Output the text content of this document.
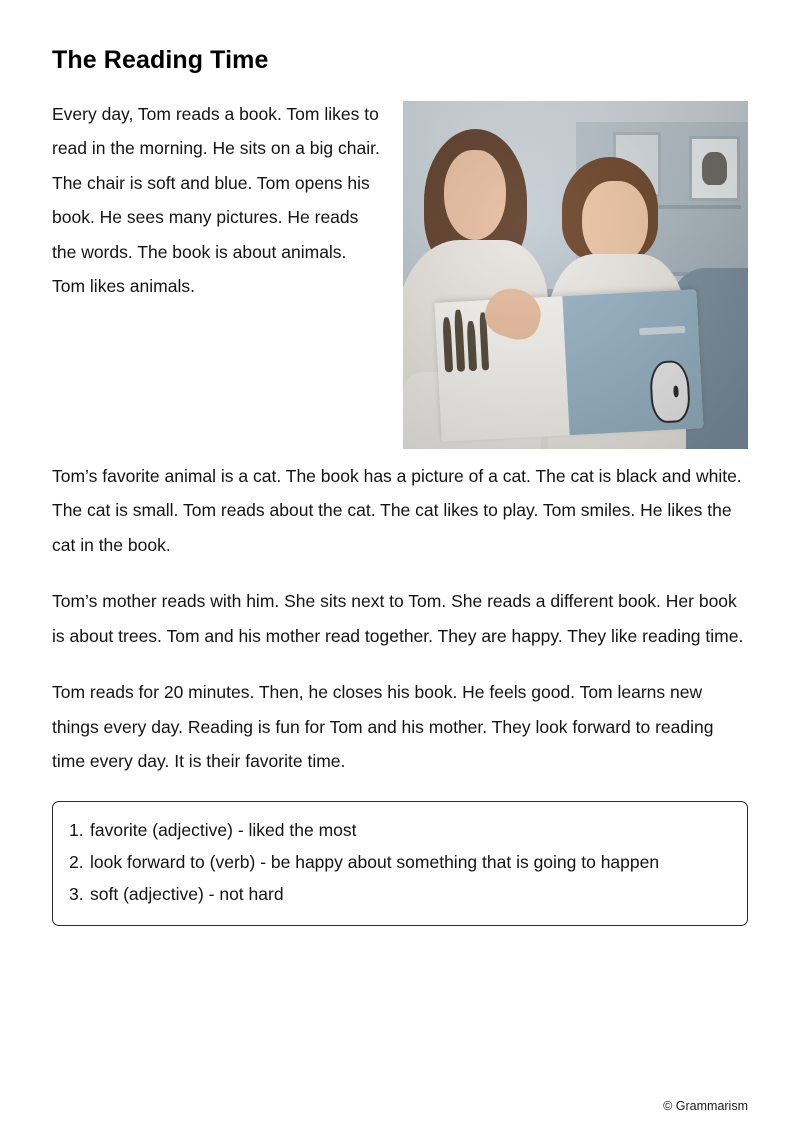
The Reading Time

Every day, Tom reads a book. Tom likes to read in the morning. He sits on a big chair. The chair is soft and blue. Tom opens his book. He sees many pictures. He reads the words. The book is about animals. Tom likes animals.

Tom’s favorite animal is a cat. The book has a picture of a cat. The cat is black and white. The cat is small. Tom reads about the cat. The cat likes to play. Tom smiles. He likes the cat in the book.

Tom’s mother reads with him. She sits next to Tom. She reads a different book. Her book is about trees. Tom and his mother read together. They are happy. They like reading time.

Tom reads for 20 minutes. Then, he closes his book. He feels good. Tom learns new things every day. Reading is fun for Tom and his mother. They look forward to reading time every day. It is their favorite time.

1. favorite (adjective) - liked the most
2. look forward to (verb) - be happy about something that is going to happen
3. soft (adjective) - not hard
© Grammarism
